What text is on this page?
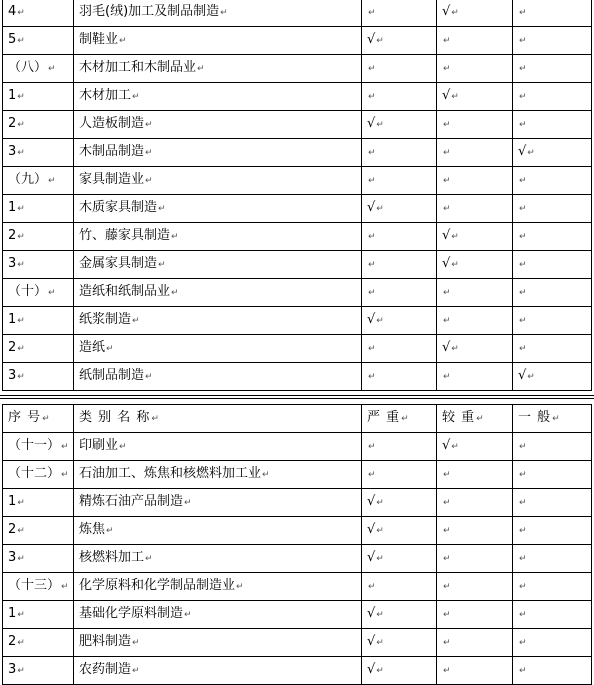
4↵	羽毛(绒)加工及制品制造↵	↵	√↵	↵
5↵	制鞋业↵	√↵	↵	↵
（八）↵	木材加工和木制品业↵	↵	↵	↵
1↵	木材加工↵	↵	√↵	↵
2↵	人造板制造↵	√↵	↵	↵
3↵	木制品制造↵	↵	↵	√↵
（九）↵	家具制造业↵	↵	↵	↵
1↵	木质家具制造↵	√↵	↵	↵
2↵	竹、藤家具制造↵	↵	√↵	↵
3↵	金属家具制造↵	↵	√↵	↵
（十）↵	造纸和纸制品业↵	↵	↵	↵
1↵	纸浆制造↵	√↵	↵	↵
2↵	造纸↵	↵	√↵	↵
3↵	纸制品制造↵	↵	↵	√↵
序 号↵	类 别 名 称↵	严 重↵	较 重↵	一 般↵
（十一）↵	印刷业↵	↵	√↵	↵
（十二）↵	石油加工、炼焦和核燃料加工业↵	↵	↵	↵
1↵	精炼石油产品制造↵	√↵	↵	↵
2↵	炼焦↵	√↵	↵	↵
3↵	核燃料加工↵	√↵	↵	↵
（十三）↵	化学原料和化学制品制造业↵	↵	↵	↵
1↵	基础化学原料制造↵	√↵	↵	↵
2↵	肥料制造↵	√↵	↵	↵
3↵	农药制造↵	√↵	↵	↵
